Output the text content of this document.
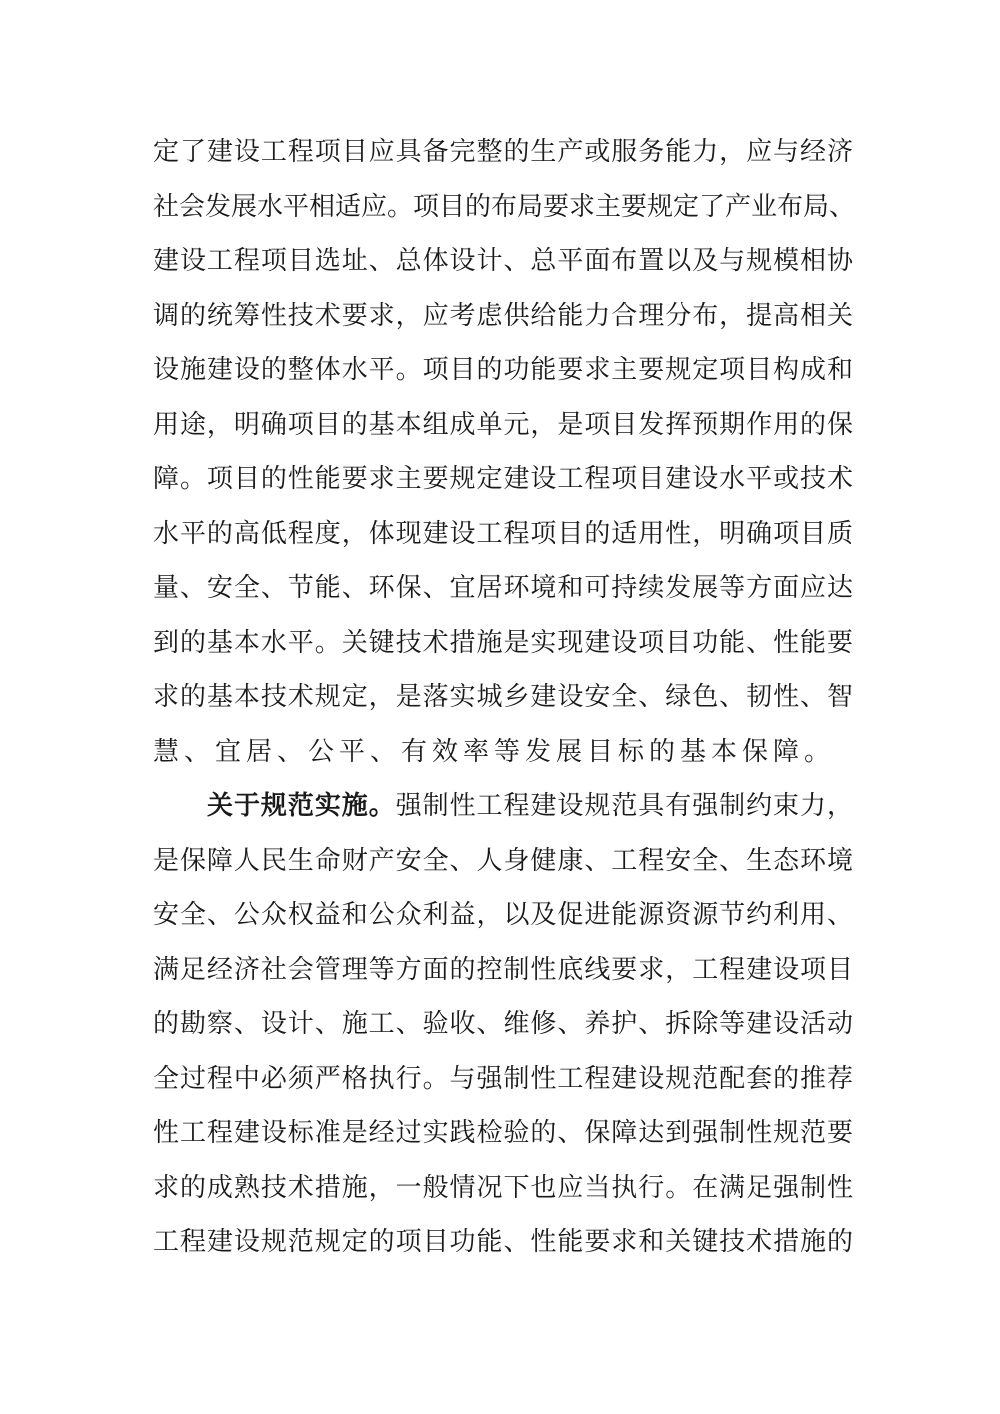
定了建设工程项目应具备完整的生产或服务能力，应与经济
社会发展水平相适应。项目的布局要求主要规定了产业布局、
建设工程项目选址、总体设计、总平面布置以及与规模相协
调的统筹性技术要求，应考虑供给能力合理分布，提高相关
设施建设的整体水平。项目的功能要求主要规定项目构成和
用途，明确项目的基本组成单元，是项目发挥预期作用的保
障。项目的性能要求主要规定建设工程项目建设水平或技术
水平的高低程度，体现建设工程项目的适用性，明确项目质
量、安全、节能、环保、宜居环境和可持续发展等方面应达
到的基本水平。关键技术措施是实现建设项目功能、性能要
求的基本技术规定，是落实城乡建设安全、绿色、韧性、智
慧、宜居、公平、有效率等发展目标的基本保障。
关于规范实施。强制性工程建设规范具有强制约束力，
是保障人民生命财产安全、人身健康、工程安全、生态环境
安全、公众权益和公众利益，以及促进能源资源节约利用、
满足经济社会管理等方面的控制性底线要求，工程建设项目
的勘察、设计、施工、验收、维修、养护、拆除等建设活动
全过程中必须严格执行。与强制性工程建设规范配套的推荐
性工程建设标准是经过实践检验的、保障达到强制性规范要
求的成熟技术措施，一般情况下也应当执行。在满足强制性
工程建设规范规定的项目功能、性能要求和关键技术措施的
